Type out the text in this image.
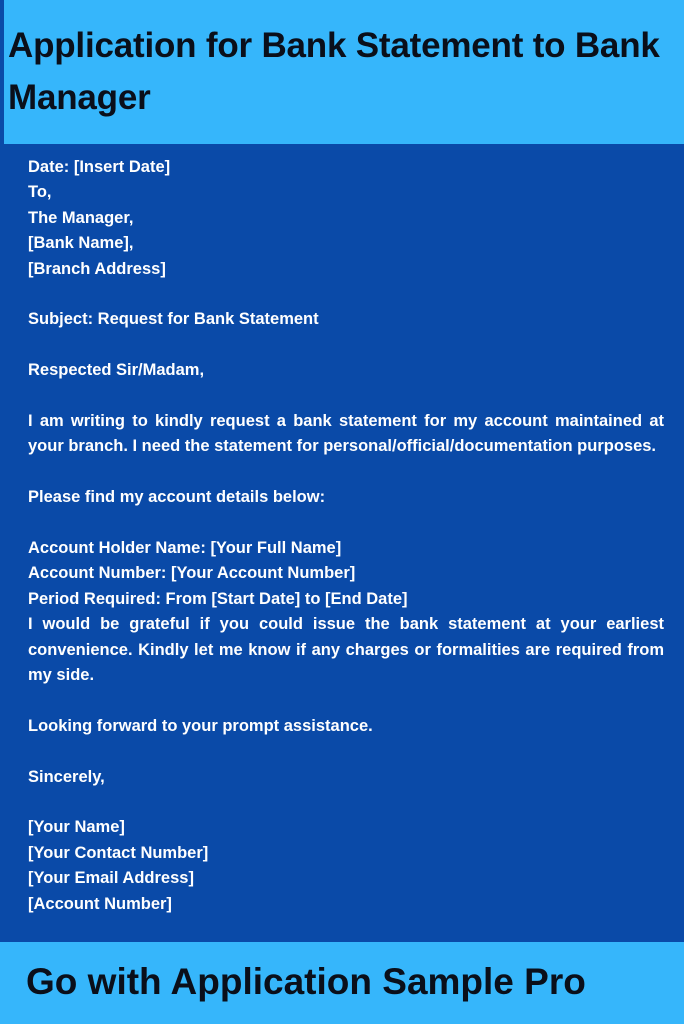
Application for Bank Statement to Bank Manager

Date: [Insert Date]

To,

The Manager,

[Bank Name],

[Branch Address]

Subject: Request for Bank Statement

Respected Sir/Madam,

I am writing to kindly request a bank statement for my account maintained at your branch. I need the statement for personal/official/documentation purposes.

Please find my account details below:

Account Holder Name: [Your Full Name]

Account Number: [Your Account Number]

Period Required: From [Start Date] to [End Date]

I would be grateful if you could issue the bank statement at your earliest convenience. Kindly let me know if any charges or formalities are required from my side.

Looking forward to your prompt assistance.

Sincerely,

[Your Name]

[Your Contact Number]

[Your Email Address]

[Account Number]

Go with Application Sample Pro
